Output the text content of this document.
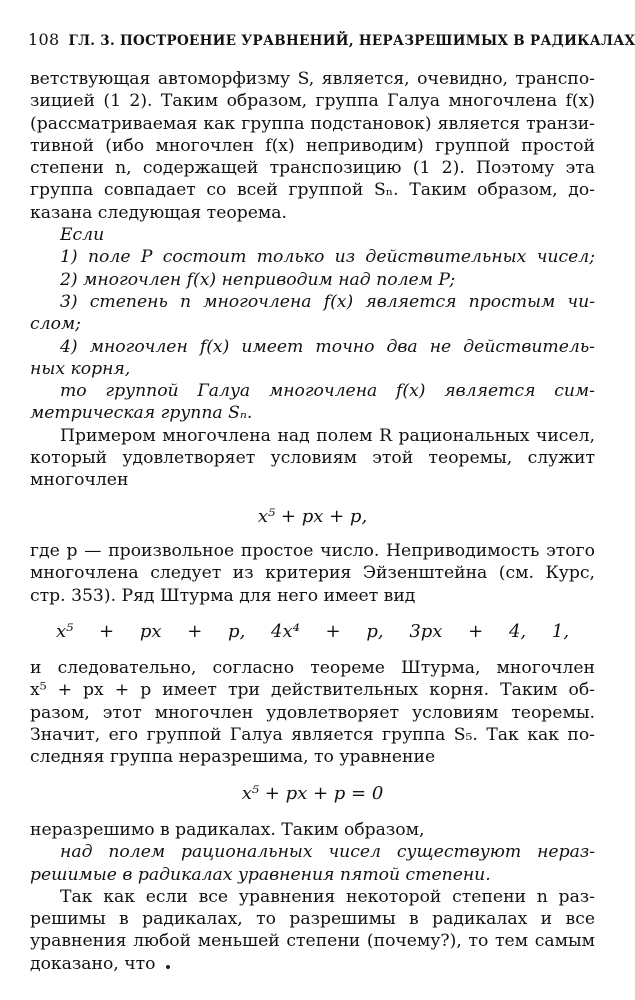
108 ГЛ. 3. ПОСТРОЕНИЕ УРАВНЕНИЙ, НЕРАЗРЕШИМЫХ В РАДИКАЛАХ
ветствующая автоморфизму S, является, очевидно, транспо-
зицией (1 2). Таким образом, группа Галуа многочлена f(x)
(рассматриваемая как группа подстановок) является транзи-
тивной (ибо многочлен f(x) неприводим) группой простой
степени n, содержащей транспозицию (1 2). Поэтому эта
группа совпадает со всей группой Sₙ. Таким образом, до-
казана следующая теорема.
Если
1) поле P состоит только из действительных чисел;
2) многочлен f(x) неприводим над полем P;
3) степень n многочлена f(x) является простым чи-
слом;
4) многочлен f(x) имеет точно два не действитель-
ных корня,
то группой Галуа многочлена f(x) является сим-
метрическая группа Sₙ.
Примером многочлена над полем R рациональных чисел,
который удовлетворяет условиям этой теоремы, служит
многочлен
x⁵ + px + p,
где p — произвольное простое число. Неприводимость этого
многочлена следует из критерия Эйзенштейна (см. Курс,
стр. 353). Ряд Штурма для него имеет вид
x⁵ + px + p, 4x⁴ + p, 3px + 4, 1,
и следовательно, согласно теореме Штурма, многочлен
x⁵ + px + p имеет три действительных корня. Таким об-
разом, этот многочлен удовлетворяет условиям теоремы.
Значит, его группой Галуа является группа S₅. Так как по-
следняя группа неразрешима, то уравнение
x⁵ + px + p = 0
неразрешимо в радикалах. Таким образом,
над полем рациональных чисел существуют нераз-
решимые в радикалах уравнения пятой степени.
Так как если все уравнения некоторой степени n раз-
решимы в радикалах, то разрешимы в радикалах и все
уравнения любой меньшей степени (почему?), то тем самым
доказано, что
